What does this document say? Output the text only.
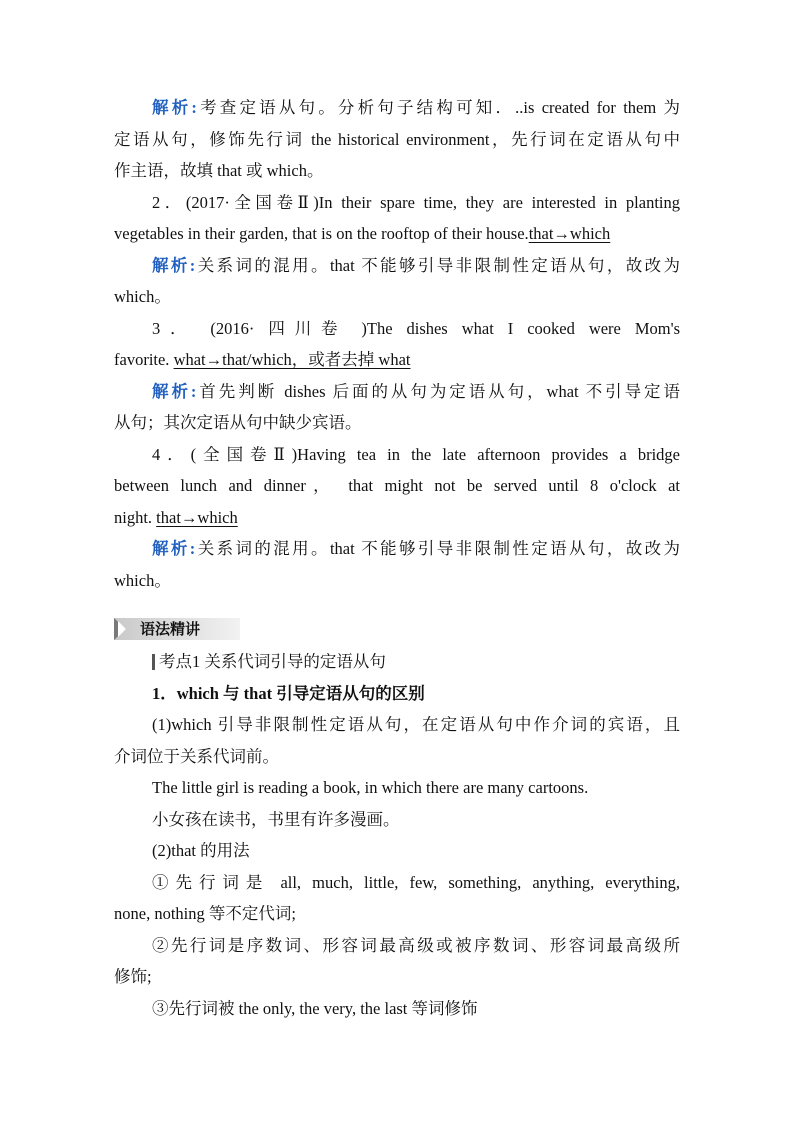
解析:考查定语从句。分析句子结构可知．..is created for them 为

定语从句，修饰先行词 the historical environment，先行词在定语从句中

作主语，故填 that 或 which。

2．(2017·全国卷Ⅱ)In their spare time, they are interested in planting

vegetables in their garden, that is on the rooftop of their house.that→which

解析:关系词的混用。that 不能够引导非限制性定语从句，故改为

which。

3． (2016· 四川卷 )The dishes what I cooked were Mom's

favorite. what→that/which，或者去掉 what

解析:首先判断 dishes 后面的从句为定语从句，what 不引导定语

从句；其次定语从句中缺少宾语。

4．(全国卷Ⅱ)Having tea in the late afternoon provides a bridge

between lunch and dinner， that might not be served until 8 o'clock at

night. that→which

解析:关系词的混用。that 不能够引导非限制性定语从句，故改为

which。

语法精讲
考点1 关系代词引导的定语从句

1．which 与 that 引导定语从句的区别

(1)which 引导非限制性定语从句，在定语从句中作介词的宾语，且

介词位于关系代词前。

The little girl is reading a book, in which there are many cartoons.

小女孩在读书，书里有许多漫画。

(2)that 的用法

①先行词是 all, much, little, few, something, anything, everything,

none, nothing 等不定代词;

②先行词是序数词、形容词最高级或被序数词、形容词最高级所

修饰;

③先行词被 the only, the very, the last 等词修饰
